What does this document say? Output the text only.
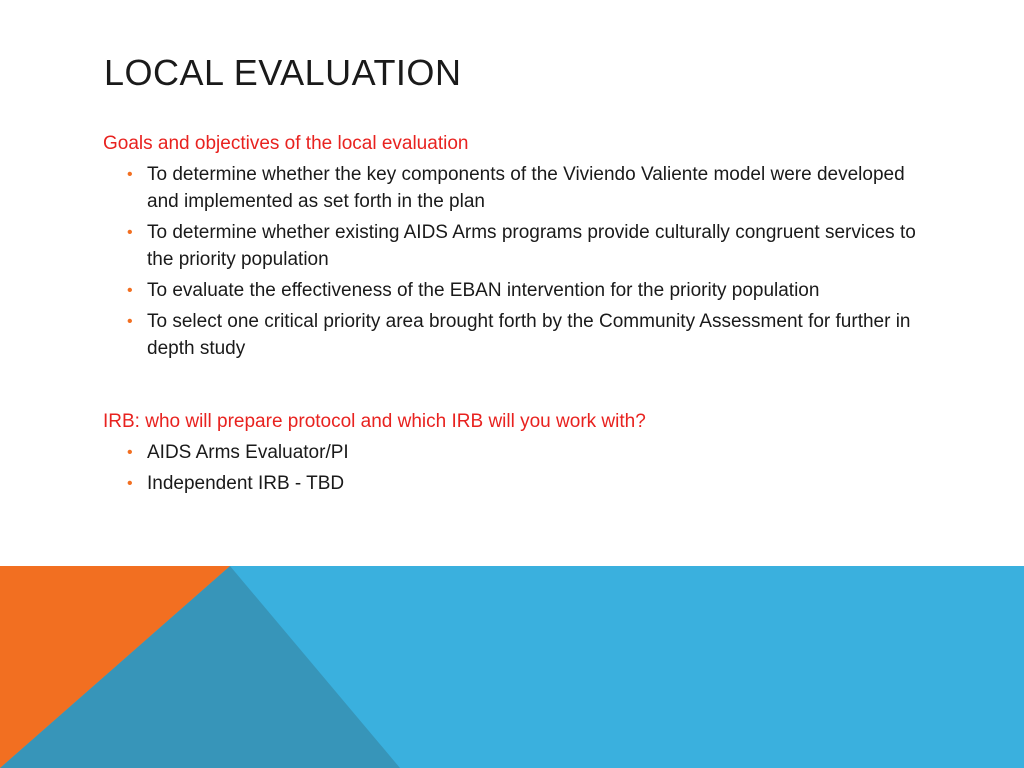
LOCAL EVALUATION

Goals and objectives of the local evaluation

• To determine whether the key components of the Viviendo Valiente model were developed and implemented as set forth in the plan
• To determine whether existing AIDS Arms programs provide culturally congruent services to the priority population
• To evaluate the effectiveness of the EBAN intervention for the priority population
• To select one critical priority area brought forth by the Community Assessment for further in depth study

IRB: who will prepare protocol and which IRB will you work with?

• AIDS Arms Evaluator/PI
• Independent IRB - TBD
